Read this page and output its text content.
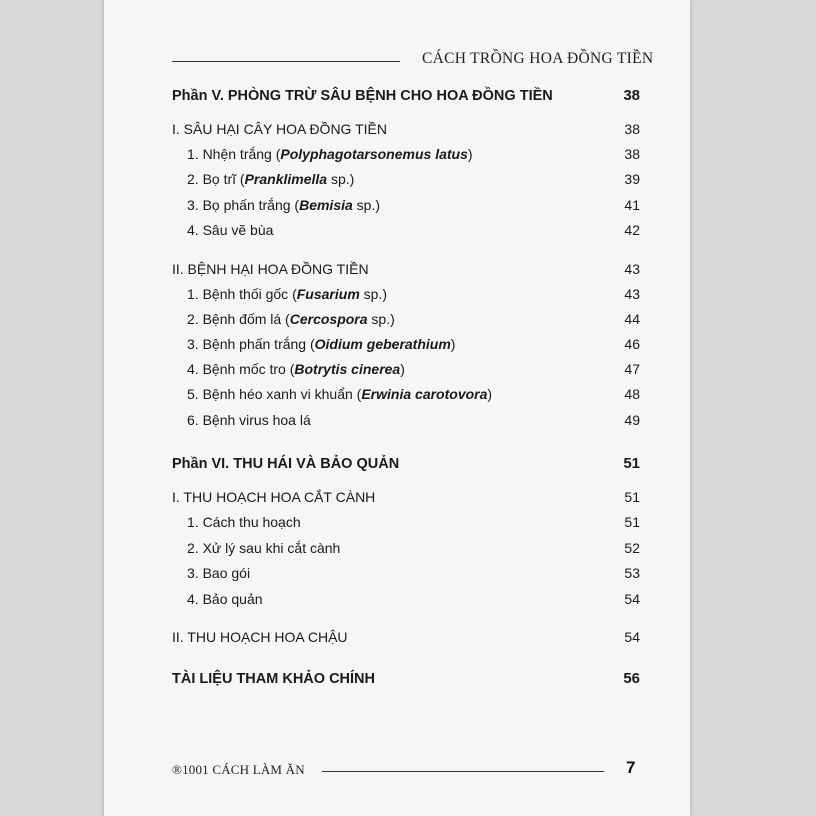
CÁCH TRỒNG HOA ĐỒNG TIỀN
Phần V. PHÒNG TRỪ SÂU BỆNH CHO HOA ĐỒNG TIỀN	38
I. SÂU HẠI CÂY HOA ĐỒNG TIỀN	38
1. Nhện trắng (Polyphagotarsonemus latus)	38
2. Bọ trĩ (Pranklimella sp.)	39
3. Bọ phấn trắng (Bemisia sp.)	41
4. Sâu vẽ bùa	42
II. BỆNH HẠI HOA ĐỒNG TIỀN	43
1. Bệnh thối gốc (Fusarium sp.)	43
2. Bệnh đốm lá (Cercospora sp.)	44
3. Bệnh phấn trắng (Oidium geberathium)	46
4. Bệnh mốc tro (Botrytis cinerea)	47
5. Bệnh héo xanh vi khuẩn (Erwinia carotovora)	48
6. Bệnh virus hoa lá	49
Phần VI. THU HÁI VÀ BẢO QUẢN	51
I. THU HOẠCH HOA CẮT CÀNH	51
1. Cách thu hoạch	51
2. Xử lý sau khi cắt cành	52
3. Bao gói	53
4. Bảo quản	54
II. THU HOẠCH HOA CHẬU	54
TÀI LIỆU THAM KHẢO CHÍNH	56
®1001 CÁCH LÀM ĂN	7
